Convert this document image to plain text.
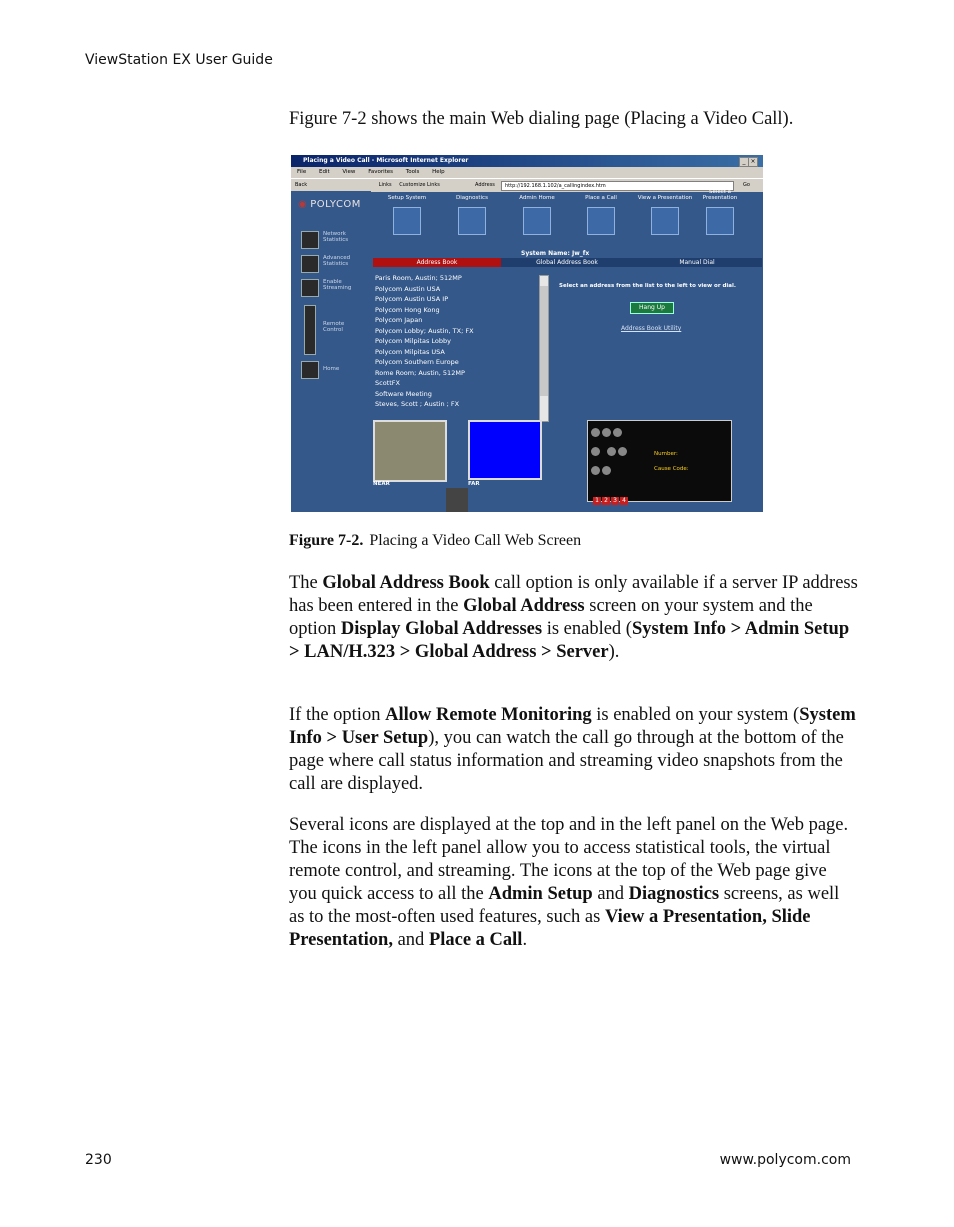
ViewStation EX User Guide
Figure 7-2 shows the main Web dialing page (Placing a Video Call).
Placing a Video Call - Microsoft Internet Explorer	_ ×
File Edit View Favorites Tools Help
Back	Links Customize Links	Address	http://192.168.1.102/a_callingindex.htm	Go
◉ POLYCOM
Network Statistics
Advanced Statistics
Enable Streaming
Remote Control
Home
Setup System	Diagnostics	Admin Home	Place a Call	View a Presentation
Select a Presentation
System Name: Jw_fx
Address Book	Global Address Book	Manual Dial
Paris Room, Austin; 512MP
Polycom Austin USA
Polycom Austin USA IP
Polycom Hong Kong
Polycom Japan
Polycom Lobby; Austin, TX; FX
Polycom Milpitas Lobby
Polycom Milpitas USA
Polycom Southern Europe
Rome Room; Austin, 512MP
ScottFX
Software Meeting
Steves, Scott ; Austin ; FX
Select an address from the list to the left to view or dial.
Hang Up
Address Book Utility
NEAR	FAR

Number:
Cause Code:
1 2 3 4
Figure 7-2. Placing a Video Call Web Screen
The Global Address Book call option is only available if a server IP address has been entered in the Global Address screen on your system and the option Display Global Addresses is enabled (System Info > Admin Setup > LAN/H.323 > Global Address > Server).
If the option Allow Remote Monitoring is enabled on your system (System Info > User Setup), you can watch the call go through at the bottom of the page where call status information and streaming video snapshots from the call are displayed.
Several icons are displayed at the top and in the left panel on the Web page. The icons in the left panel allow you to access statistical tools, the virtual remote control, and streaming. The icons at the top of the Web page give you quick access to all the Admin Setup and Diagnostics screens, as well as to the most-often used features, such as View a Presentation, Slide Presentation, and Place a Call.
230	www.polycom.com
